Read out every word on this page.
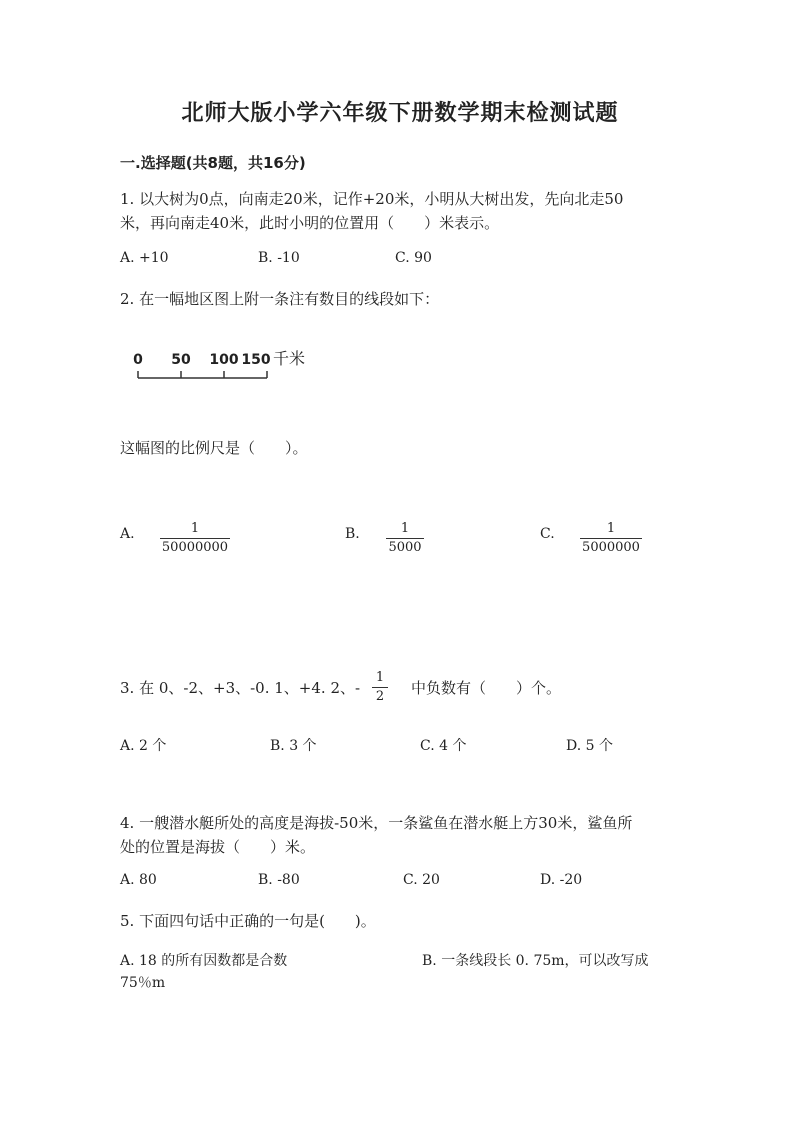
北师大版小学六年级下册数学期末检测试题
一.选择题(共8题，共16分)
1. 以大树为0点，向南走20米，记作+20米，小明从大树出发，先向北走50
米，再向南走40米，此时小明的位置用（　　）米表示。
A. +10	B. -10	C. 90
2. 在一幅地区图上附一条注有数目的线段如下：
0 50 100 150 千米
这幅图的比例尺是（　　）。
A.	1
50000000
B.	1
5000
C.	1
5000000
3. 在 0、-2、+3、-0. 1、+4. 2、-
1
2 中负数有（　　）个。
A. 2 个	B. 3 个	C. 4 个	D. 5 个
4. 一艘潜水艇所处的高度是海拔-50米，一条鲨鱼在潜水艇上方30米，鲨鱼所
处的位置是海拔（　　）米。
A. 80	B. -80	C. 20	D. -20
5. 下面四句话中正确的一句是(　　)。
A. 18 的所有因数都是合数	B. 一条线段长 0. 75m，可以改写成
75％m
